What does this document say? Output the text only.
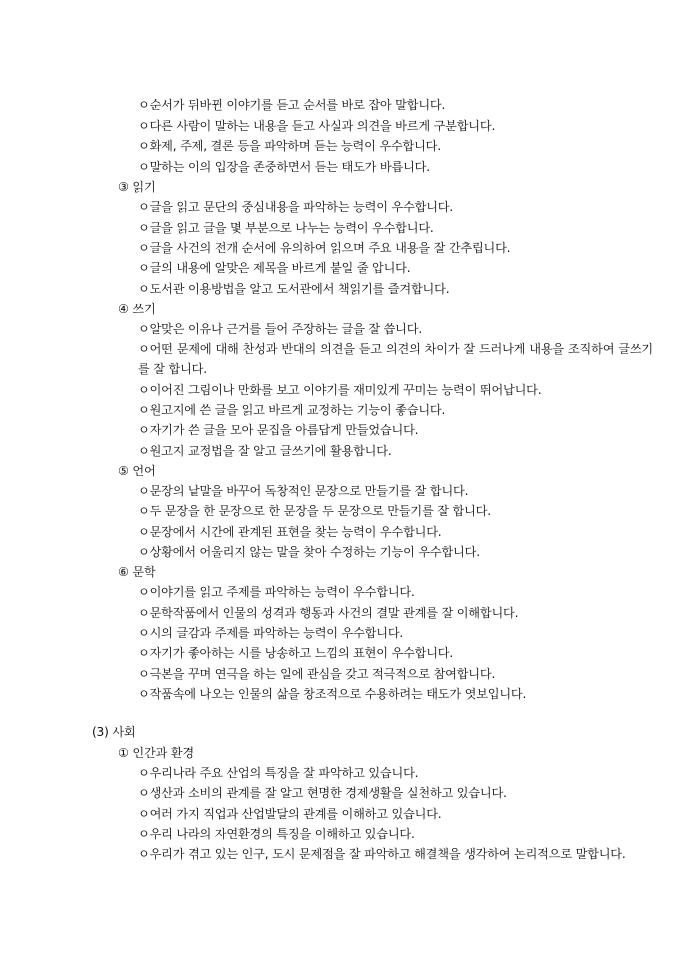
ㅇ순서가 뒤바뀐 이야기를 듣고 순서를 바로 잡아 말합니다.
ㅇ다른 사람이 말하는 내용을 듣고 사실과 의견을 바르게 구분합니다.
ㅇ화제, 주제, 결론 등을 파악하며 듣는 능력이 우수합니다.
ㅇ말하는 이의 입장을 존중하면서 듣는 태도가 바릅니다.
③ 읽기
ㅇ글을 읽고 문단의 중심내용을 파악하는 능력이 우수합니다.
ㅇ글을 읽고 글을 몇 부분으로 나누는 능력이 우수합니다.
ㅇ글을 사건의 전개 순서에 유의하여 읽으며 주요 내용을 잘 간추립니다.
ㅇ글의 내용에 알맞은 제목을 바르게 붙일 줄 압니다.
ㅇ도서관 이용방법을 알고 도서관에서 책읽기를 즐겨합니다.
④ 쓰기
ㅇ알맞은 이유나 근거를 들어 주장하는 글을 잘 씁니다.
ㅇ어떤 문제에 대해 찬성과 반대의 의견을 듣고 의견의 차이가 잘 드러나게 내용을 조직하여 글쓰기를 잘 합니다.
ㅇ이어진 그림이나 만화를 보고 이야기를 재미있게 꾸미는 능력이 뛰어납니다.
ㅇ원고지에 쓴 글을 읽고 바르게 교정하는 기능이 좋습니다.
ㅇ자기가 쓴 글을 모아 문집을 아름답게 만들었습니다.
ㅇ원고지 교정법을 잘 알고 글쓰기에 활용합니다.
⑤ 언어
ㅇ문장의 낱말을 바꾸어 독창적인 문장으로 만들기를 잘 합니다.
ㅇ두 문장을 한 문장으로 한 문장을 두 문장으로 만들기를 잘 합니다.
ㅇ문장에서 시간에 관계된 표현을 찾는 능력이 우수합니다.
ㅇ상황에서 어울리지 않는 말을 찾아 수정하는 기능이 우수합니다.
⑥ 문학
ㅇ이야기를 읽고 주제를 파악하는 능력이 우수합니다.
ㅇ문학작품에서 인물의 성격과 행동과 사건의 결말 관계를 잘 이해합니다.
ㅇ시의 글감과 주제를 파악하는 능력이 우수합니다.
ㅇ자기가 좋아하는 시를 낭송하고 느낌의 표현이 우수합니다.
ㅇ극본을 꾸며 연극을 하는 일에 관심을 갖고 적극적으로 참여합니다.
ㅇ작품속에 나오는 인물의 삶을 창조적으로 수용하려는 태도가 엿보입니다.
(3) 사회
① 인간과 환경
ㅇ우리나라 주요 산업의 특징을 잘 파악하고 있습니다.
ㅇ생산과 소비의 관계를 잘 알고 현명한 경제생활을 실천하고 있습니다.
ㅇ여러 가지 직업과 산업발달의 관계를 이해하고 있습니다.
ㅇ우리 나라의 자연환경의 특징을 이해하고 있습니다.
ㅇ우리가 겪고 있는 인구, 도시 문제점을 잘 파악하고 해결책을 생각하여 논리적으로 말합니다.
